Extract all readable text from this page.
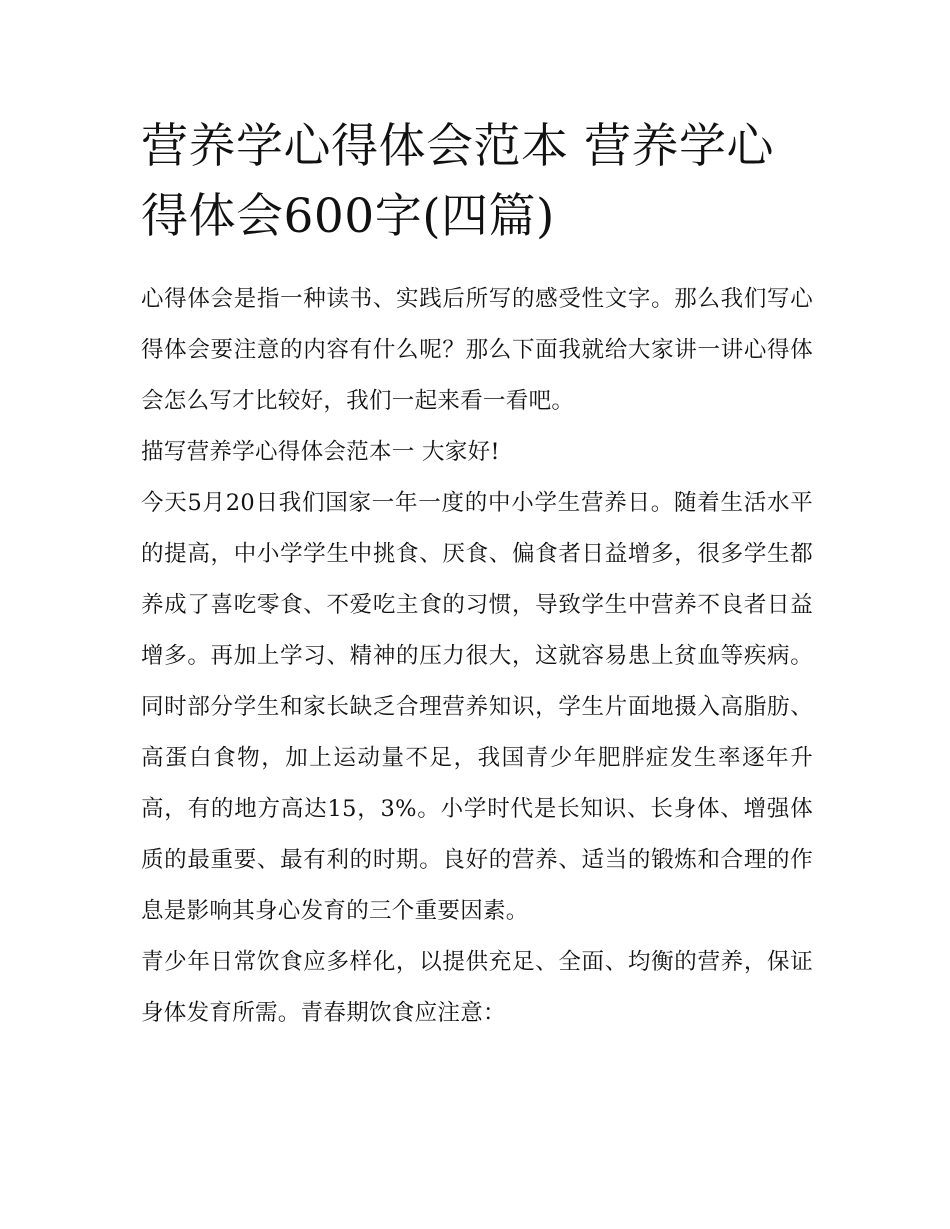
营养学心得体会范本 营养学心得体会600字(四篇)

心得体会是指一种读书、实践后所写的感受性文字。那么我们写心得体会要注意的内容有什么呢？那么下面我就给大家讲一讲心得体会怎么写才比较好，我们一起来看一看吧。

描写营养学心得体会范本一 大家好!

今天5月20日我们国家一年一度的中小学生营养日。随着生活水平的提高，中小学学生中挑食、厌食、偏食者日益增多，很多学生都养成了喜吃零食、不爱吃主食的习惯，导致学生中营养不良者日益增多。再加上学习、精神的压力很大，这就容易患上贫血等疾病。同时部分学生和家长缺乏合理营养知识，学生片面地摄入高脂肪、高蛋白食物，加上运动量不足，我国青少年肥胖症发生率逐年升高，有的地方高达15，3%。小学时代是长知识、长身体、增强体质的最重要、最有利的时期。良好的营养、适当的锻炼和合理的作息是影响其身心发育的三个重要因素。

青少年日常饮食应多样化，以提供充足、全面、均衡的营养，保证身体发育所需。青春期饮食应注意：
